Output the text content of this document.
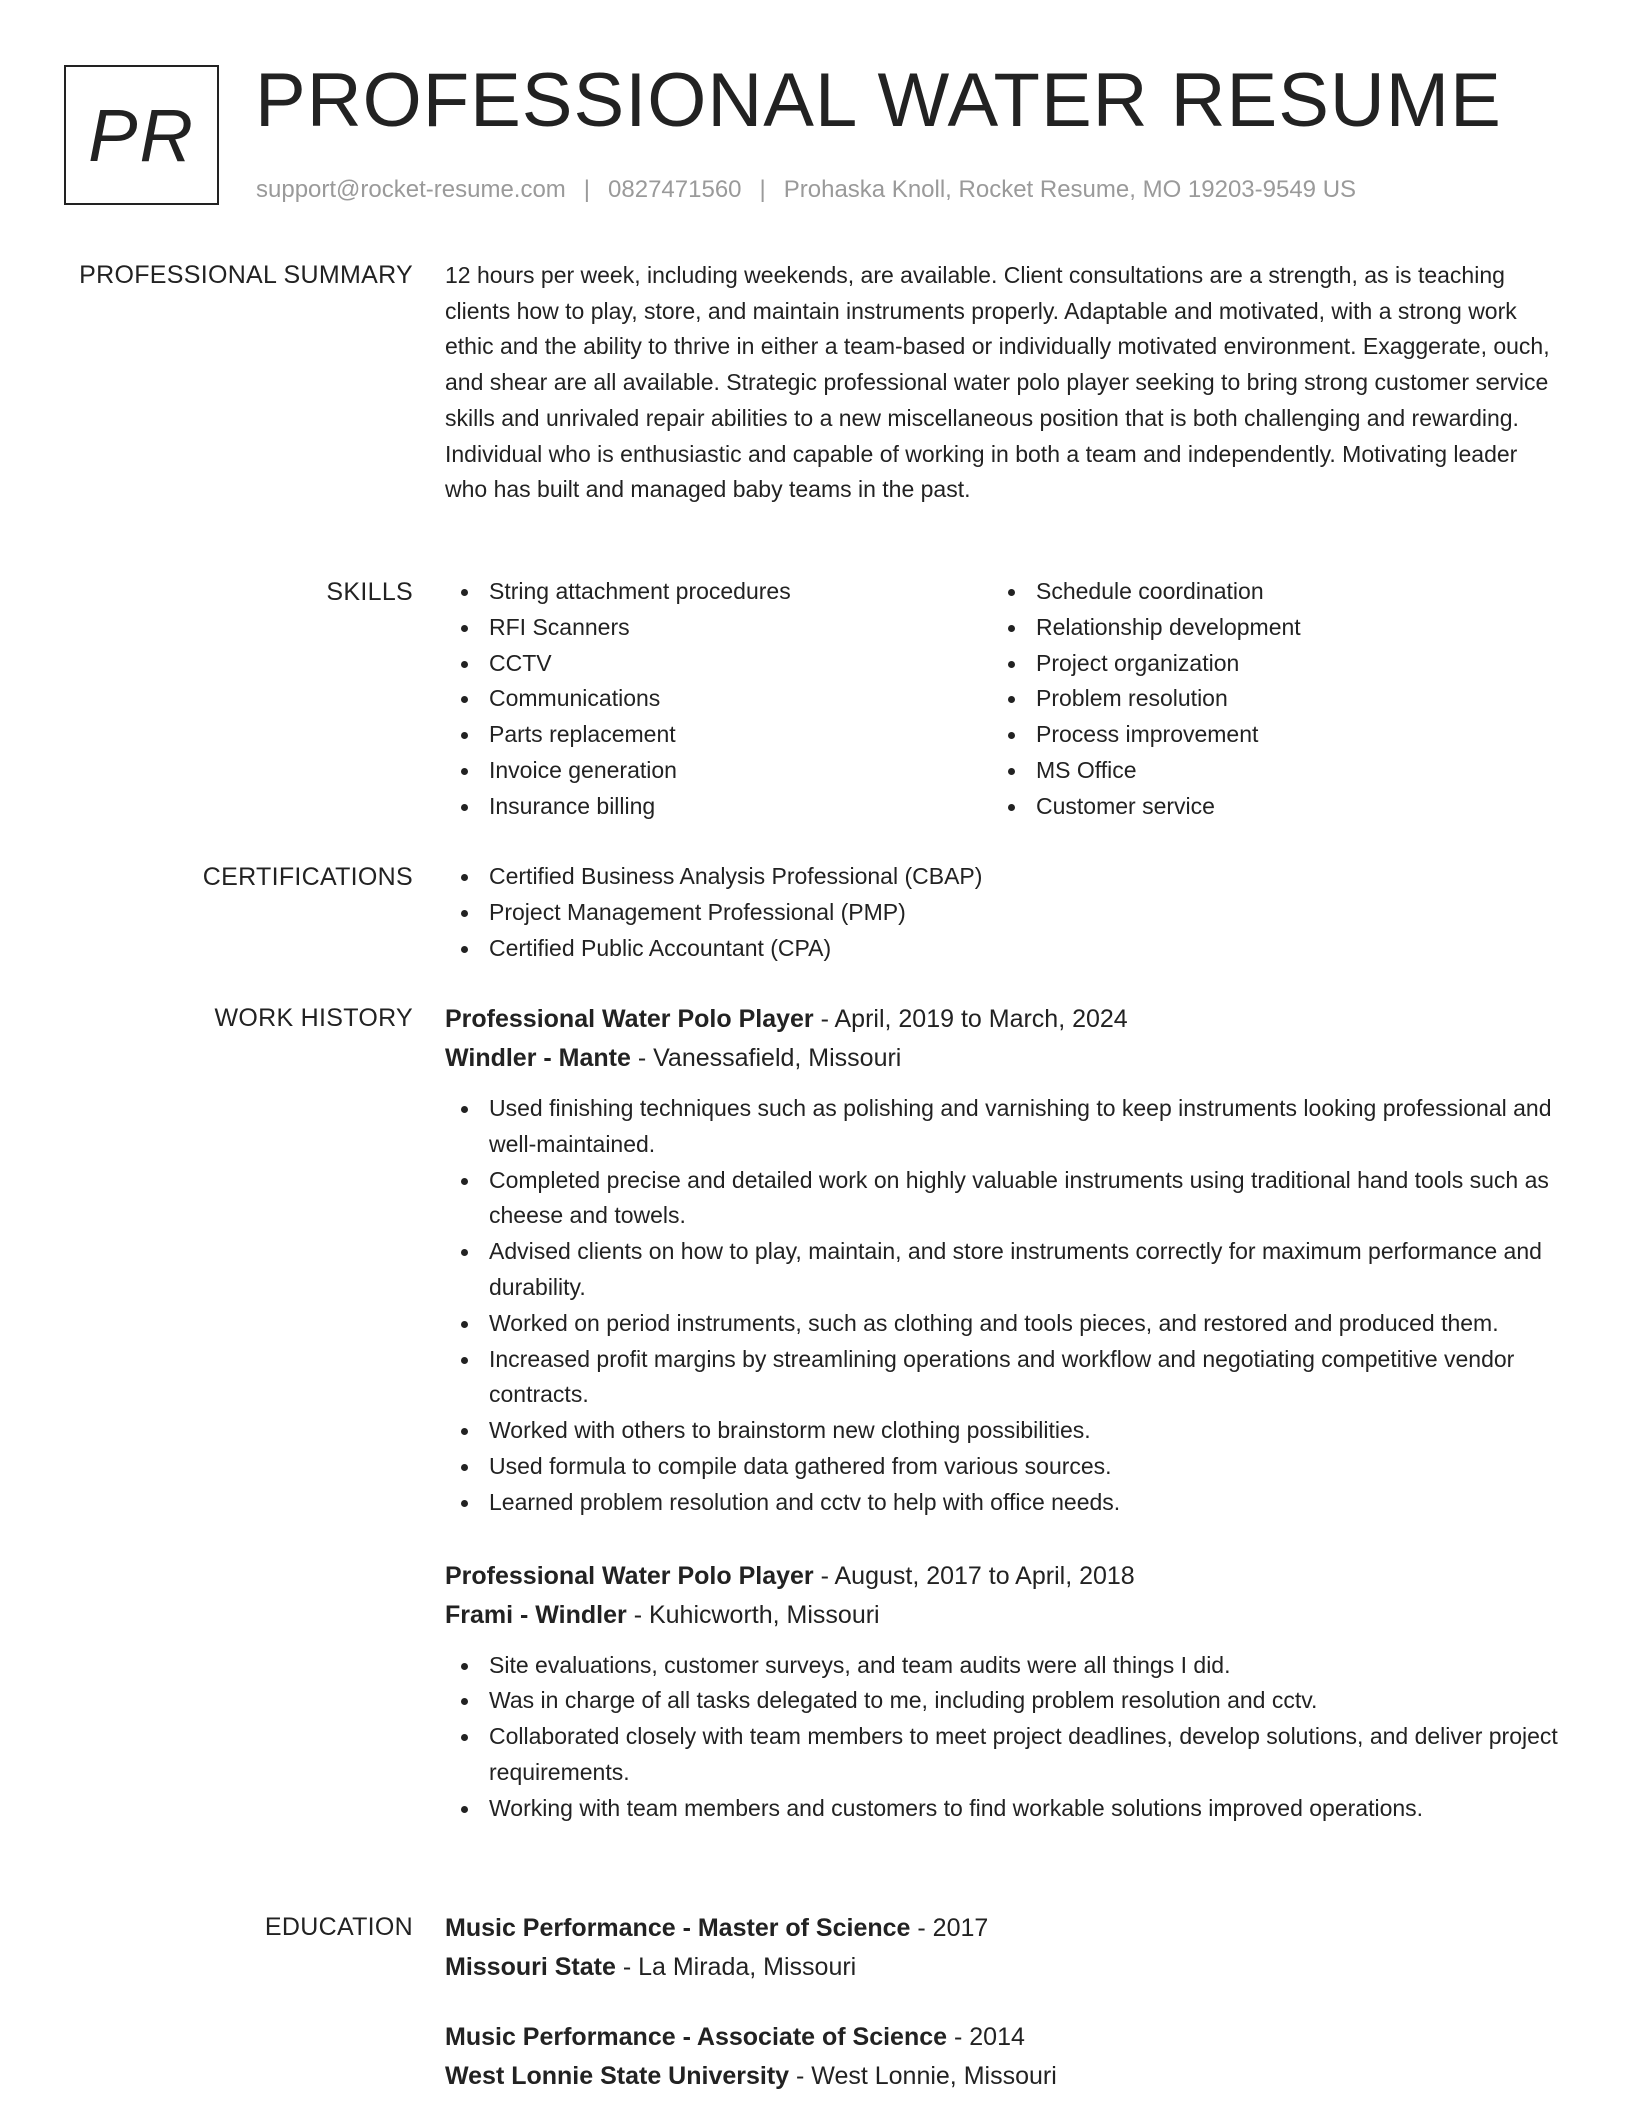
PR PROFESSIONAL WATER RESUME
support@rocket-resume.com | 0827471560 | Prohaska Knoll, Rocket Resume, MO 19203-9549 US
PROFESSIONAL SUMMARY 12 hours per week, including weekends, are available. Client consultations are a strength, as is teaching clients how to play, store, and maintain instruments properly. Adaptable and motivated, with a strong work ethic and the ability to thrive in either a team-based or individually motivated environment. Exaggerate, ouch, and shear are all available. Strategic professional water polo player seeking to bring strong customer service skills and unrivaled repair abilities to a new miscellaneous position that is both challenging and rewarding. Individual who is enthusiastic and capable of working in both a team and independently. Motivating leader who has built and managed baby teams in the past.

SKILLS	String attachment procedures
RFI Scanners
CCTV
Communications
Parts replacement
Invoice generation
Insurance billing
Schedule coordination
Relationship development
Project organization
Problem resolution
Process improvement
MS Office
Customer service
CERTIFICATIONS	Certified Business Analysis Professional (CBAP)
Project Management Professional (PMP)
Certified Public Accountant (CPA)
WORK HISTORY Professional Water Polo Player - April, 2019 to March, 2024
Windler - Mante - Vanessafield, Missouri
Used finishing techniques such as polishing and varnishing to keep instruments looking professional and well-maintained.
Completed precise and detailed work on highly valuable instruments using traditional hand tools such as cheese and towels.
Advised clients on how to play, maintain, and store instruments correctly for maximum performance and durability.
Worked on period instruments, such as clothing and tools pieces, and restored and produced them.
Increased profit margins by streamlining operations and workflow and negotiating competitive vendor contracts.
Worked with others to brainstorm new clothing possibilities.
Used formula to compile data gathered from various sources.
Learned problem resolution and cctv to help with office needs.
Professional Water Polo Player - August, 2017 to April, 2018
Frami - Windler - Kuhicworth, Missouri
Site evaluations, customer surveys, and team audits were all things I did.
Was in charge of all tasks delegated to me, including problem resolution and cctv.
Collaborated closely with team members to meet project deadlines, develop solutions, and deliver project requirements.
Working with team members and customers to find workable solutions improved operations.
EDUCATION Music Performance - Master of Science - 2017
Missouri State - La Mirada, Missouri
Music Performance - Associate of Science - 2014
West Lonnie State University - West Lonnie, Missouri
